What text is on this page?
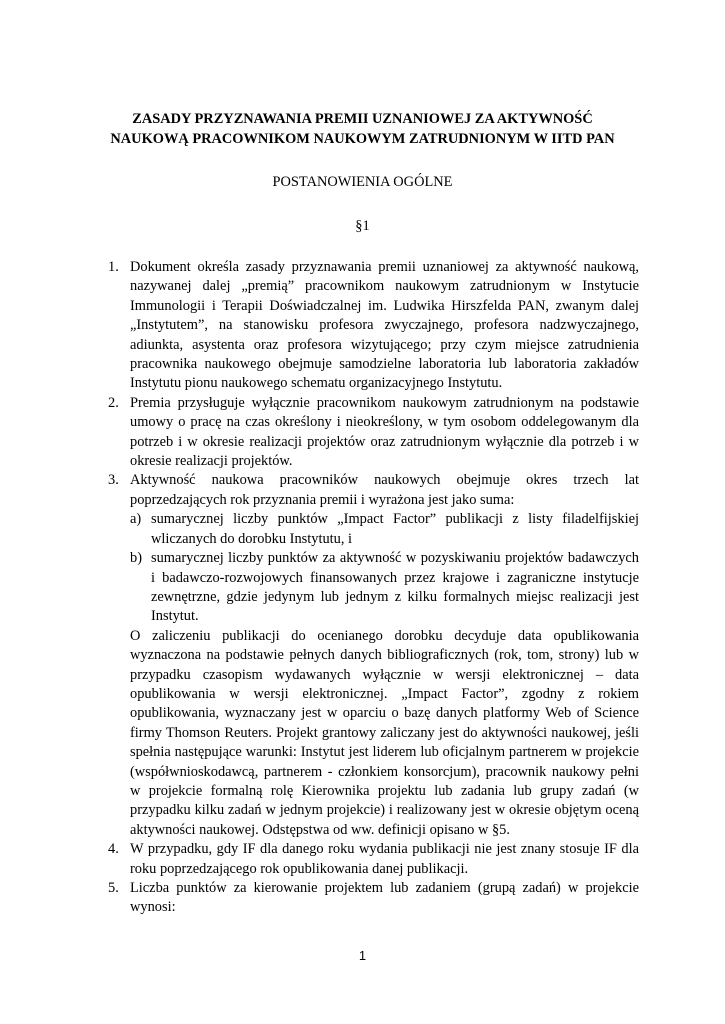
ZASADY PRZYZNAWANIA PREMII UZNANIOWEJ ZA AKTYWNOŚĆ
NAUKOWĄ PRACOWNIKOM NAUKOWYM ZATRUDNIONYM W IITD PAN
POSTANOWIENIA OGÓLNE
§1
1. Dokument określa zasady przyznawania premii uznaniowej za aktywność naukową, nazywanej dalej „premią” pracownikom naukowym zatrudnionym w Instytucie Immunologii i Terapii Doświadczalnej im. Ludwika Hirszfelda PAN, zwanym dalej „Instytutem”, na stanowisku profesora zwyczajnego, profesora nadzwyczajnego, adiunkta, asystenta oraz profesora wizytującego; przy czym miejsce zatrudnienia pracownika naukowego obejmuje samodzielne laboratoria lub laboratoria zakładów Instytutu pionu naukowego schematu organizacyjnego Instytutu.
2. Premia przysługuje wyłącznie pracownikom naukowym zatrudnionym na podstawie umowy o pracę na czas określony i nieokreślony, w tym osobom oddelegowanym dla potrzeb i w okresie realizacji projektów oraz zatrudnionym wyłącznie dla potrzeb i w okresie realizacji projektów.
3. Aktywność naukowa pracowników naukowych obejmuje okres trzech lat poprzedzających rok przyznania premii i wyrażona jest jako suma:
a) sumarycznej liczby punktów „Impact Factor” publikacji z listy filadelfijskiej wliczanych do dorobku Instytutu, i
b) sumarycznej liczby punktów za aktywność w pozyskiwaniu projektów badawczych i badawczo-rozwojowych finansowanych przez krajowe i zagraniczne instytucje zewnętrzne, gdzie jedynym lub jednym z kilku formalnych miejsc realizacji jest Instytut.
O zaliczeniu publikacji do ocenianego dorobku decyduje data opublikowania wyznaczona na podstawie pełnych danych bibliograficznych (rok, tom, strony) lub w przypadku czasopism wydawanych wyłącznie w wersji elektronicznej – data opublikowania w wersji elektronicznej. „Impact Factor”, zgodny z rokiem opublikowania, wyznaczany jest w oparciu o bazę danych platformy Web of Science firmy Thomson Reuters. Projekt grantowy zaliczany jest do aktywności naukowej, jeśli spełnia następujące warunki: Instytut jest liderem lub oficjalnym partnerem w projekcie (współwnioskodawcą, partnerem - członkiem konsorcjum), pracownik naukowy pełni w projekcie formalną rolę Kierownika projektu lub zadania lub grupy zadań (w przypadku kilku zadań w jednym projekcie) i realizowany jest w okresie objętym oceną aktywności naukowej. Odstępstwa od ww. definicji opisano w §5.
4. W przypadku, gdy IF dla danego roku wydania publikacji nie jest znany stosuje IF dla roku poprzedzającego rok opublikowania danej publikacji.
5. Liczba punktów za kierowanie projektem lub zadaniem (grupą zadań) w projekcie wynosi:
1
